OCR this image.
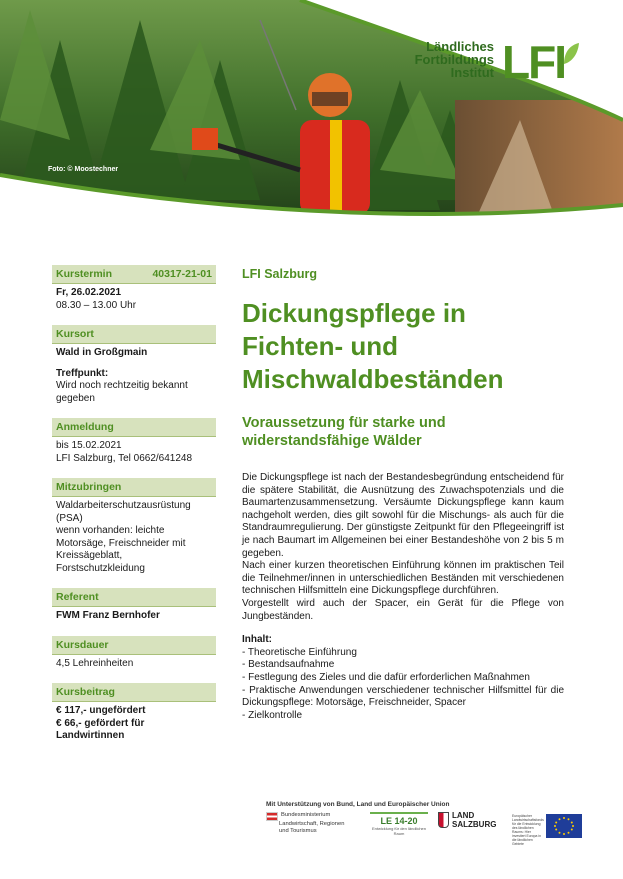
Foto: © Moostechner
Ländliches
Fortbildungs
Institut LFI
Kurstermin	40317-21-01
Fr, 26.02.2021
08.30 – 13.00 Uhr
Kursort
Wald in Großgmain
Treffpunkt:
Wird noch rechtzeitig bekannt gegeben
Anmeldung
bis 15.02.2021
LFI Salzburg, Tel 0662/641248
Mitzubringen
Waldarbeiterschutzausrüstung (PSA)
wenn vorhanden: leichte Motorsäge, Freischneider mit Kreissägeblatt, Forstschutzkleidung
Referent
FWM Franz Bernhofer
Kursdauer
4,5 Lehreinheiten
Kursbeitrag
€ 117,- ungefördert
€ 66,- gefördert für Landwirtinnen
LFI Salzburg
Dickungspflege in
Fichten- und
Mischwaldbeständen
Voraussetzung für starke und
widerstandsfähige Wälder

Die Dickungspflege ist nach der Bestandesbegründung entscheidend für die spätere Stabilität, die Ausnützung des Zuwachspotenzials und die Baumartenzusammensetzung. Versäumte Dickungspflege kann kaum nachgeholt werden, dies gilt sowohl für die Mischungs- als auch für die Standraumregulierung. Der günstigste Zeitpunkt für den Pflegeeingriff ist je nach Baumart im Allgemeinen bei einer Bestandeshöhe von 2 bis 5 m gegeben.

Nach einer kurzen theoretischen Einführung können im praktischen Teil die Teilnehmer/innen in unterschiedlichen Beständen mit verschiedenen technischen Hilfsmitteln eine Dickungspflege durchführen.

Vorgestellt wird auch der Spacer, ein Gerät für die Pflege von Jungbeständen.

Inhalt:
- Theoretische Einführung
- Bestandsaufnahme
- Festlegung des Zieles und die dafür erforderlichen Maßnahmen
- Praktische Anwendungen verschiedener technischer Hilfsmittel für die Dickungspflege: Motorsäge, Freischneider, Spacer
- Zielkontrolle
Mit Unterstützung von Bund, Land und Europäischer Union
Bundesministerium
Landwirtschaft, Regionen
und Tourismus
LE 14-20
Entwicklung für den ländlichen Raum
LAND
SALZBURG
Europäischer Landwirtschaftsfonds für die Entwicklung des ländlichen Raums: Hier investiert Europa in die ländlichen Gebiete
